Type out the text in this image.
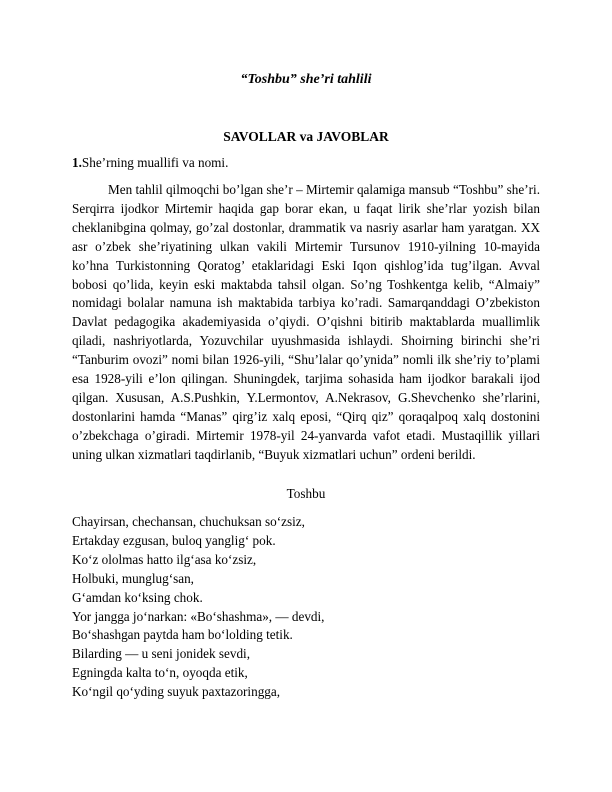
“Toshbu” she’ri tahlili
SAVOLLAR va JAVOBLAR
1.She’rning muallifi va nomi.

Men tahlil qilmoqchi bo’lgan she’r – Mirtemir qalamiga mansub “Toshbu” she’ri. Serqirra ijodkor Mirtemir haqida gap borar ekan, u faqat lirik she’rlar yozish bilan cheklanibgina qolmay, go’zal dostonlar, drammatik va nasriy asarlar ham yaratgan. XX asr o’zbek she’riyatining ulkan vakili Mirtemir Tursunov 1910-yilning 10-mayida ko’hna Turkistonning Qoratog’ etaklaridagi Eski Iqon qishlog’ida tug’ilgan. Avval bobosi qo’lida, keyin eski maktabda tahsil olgan. So’ng Toshkentga kelib, “Almaiy” nomidagi bolalar namuna ish maktabida tarbiya ko’radi. Samarqanddagi O’zbekiston Davlat pedagogika akademiyasida o’qiydi. O’qishni bitirib maktablarda muallimlik qiladi, nashriyotlarda, Yozuvchilar uyushmasida ishlaydi. Shoirning birinchi she’ri “Tanburim ovozi” nomi bilan 1926-yili, “Shu’lalar qo’ynida” nomli ilk she’riy to’plami esa 1928-yili e’lon qilingan. Shuningdek, tarjima sohasida ham ijodkor barakali ijod qilgan. Xususan, A.S.Pushkin, Y.Lermontov, A.Nekrasov, G.Shevchenko she’rlarini, dostonlarini hamda “Manas” qirg’iz xalq eposi, “Qirq qiz” qoraqalpoq xalq dostonini o’zbekchaga o’giradi. Mirtemir 1978-yil 24-yanvarda vafot etadi. Mustaqillik yillari uning ulkan xizmatlari taqdirlanib, “Buyuk xizmatlari uchun” ordeni berildi.

Toshbu
Chayirsan, chechansan, chuchuksan so‘zsiz,
Ertakday ezgusan, buloq yanglig‘ pok.
Ko‘z ololmas hatto ilg‘asa ko‘zsiz,
Holbuki, munglug‘san,
G‘amdan ko‘ksing chok.
Yor jangga jo‘narkan: «Bo‘shashma», — devdi,
Bo‘shashgan paytda ham bo‘lolding tetik.
Bilarding — u seni jonidek sevdi,
Egningda kalta to‘n, oyoqda etik,
Ko‘ngil qo‘yding suyuk paxtazoringga,
